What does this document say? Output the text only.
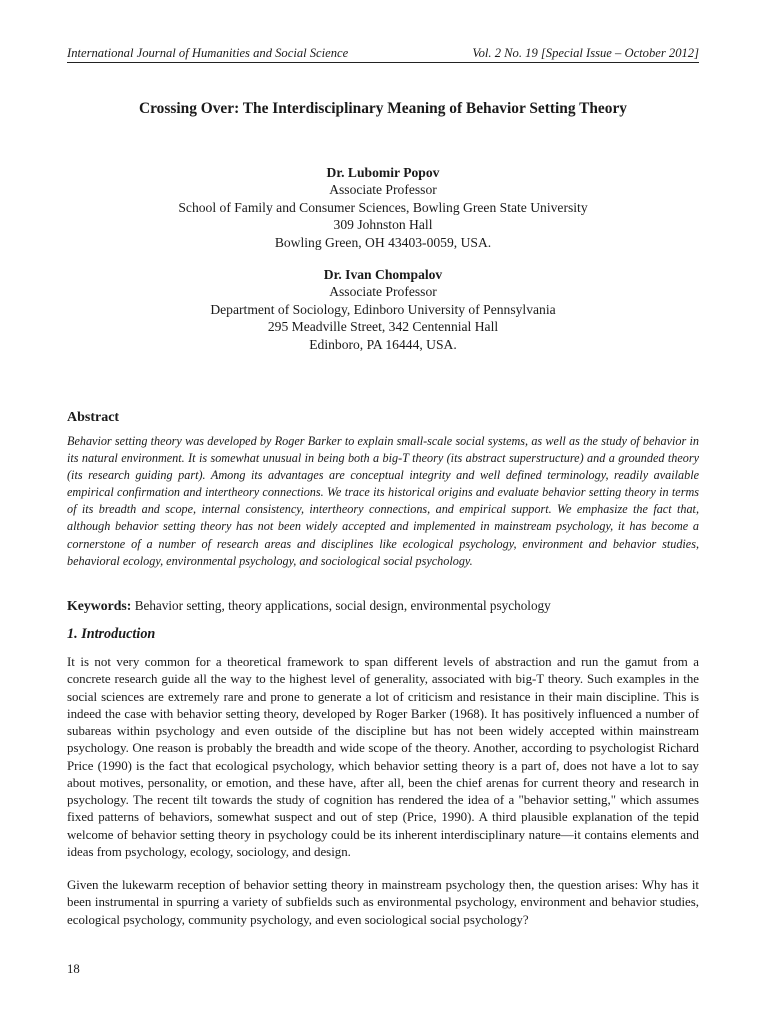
International Journal of Humanities and Social Science	Vol. 2 No. 19 [Special Issue – October 2012]
Crossing Over: The Interdisciplinary Meaning of Behavior Setting Theory
Dr. Lubomir Popov
Associate Professor
School of Family and Consumer Sciences, Bowling Green State University
309 Johnston Hall
Bowling Green, OH 43403-0059, USA.
Dr. Ivan Chompalov
Associate Professor
Department of Sociology, Edinboro University of Pennsylvania
295 Meadville Street, 342 Centennial Hall
Edinboro, PA 16444, USA.
Abstract
Behavior setting theory was developed by Roger Barker to explain small-scale social systems, as well as the study of behavior in its natural environment. It is somewhat unusual in being both a big-T theory (its abstract superstructure) and a grounded theory (its research guiding part). Among its advantages are conceptual integrity and well defined terminology, readily available empirical confirmation and intertheory connections. We trace its historical origins and evaluate behavior setting theory in terms of its breadth and scope, internal consistency, intertheory connections, and empirical support. We emphasize the fact that, although behavior setting theory has not been widely accepted and implemented in mainstream psychology, it has become a cornerstone of a number of research areas and disciplines like ecological psychology, environment and behavior studies, behavioral ecology, environmental psychology, and sociological social psychology.
Keywords: Behavior setting, theory applications, social design, environmental psychology
1. Introduction
It is not very common for a theoretical framework to span different levels of abstraction and run the gamut from a concrete research guide all the way to the highest level of generality, associated with big-T theory. Such examples in the social sciences are extremely rare and prone to generate a lot of criticism and resistance in their main discipline. This is indeed the case with behavior setting theory, developed by Roger Barker (1968). It has positively influenced a number of subareas within psychology and even outside of the discipline but has not been widely accepted within mainstream psychology. One reason is probably the breadth and wide scope of the theory. Another, according to psychologist Richard Price (1990) is the fact that ecological psychology, which behavior setting theory is a part of, does not have a lot to say about motives, personality, or emotion, and these have, after all, been the chief arenas for current theory and research in psychology. The recent tilt towards the study of cognition has rendered the idea of a "behavior setting," which assumes fixed patterns of behaviors, somewhat suspect and out of step (Price, 1990). A third plausible explanation of the tepid welcome of behavior setting theory in psychology could be its inherent interdisciplinary nature—it contains elements and ideas from psychology, ecology, sociology, and design.
Given the lukewarm reception of behavior setting theory in mainstream psychology then, the question arises: Why has it been instrumental in spurring a variety of subfields such as environmental psychology, environment and behavior studies, ecological psychology, community psychology, and even sociological social psychology?
18
